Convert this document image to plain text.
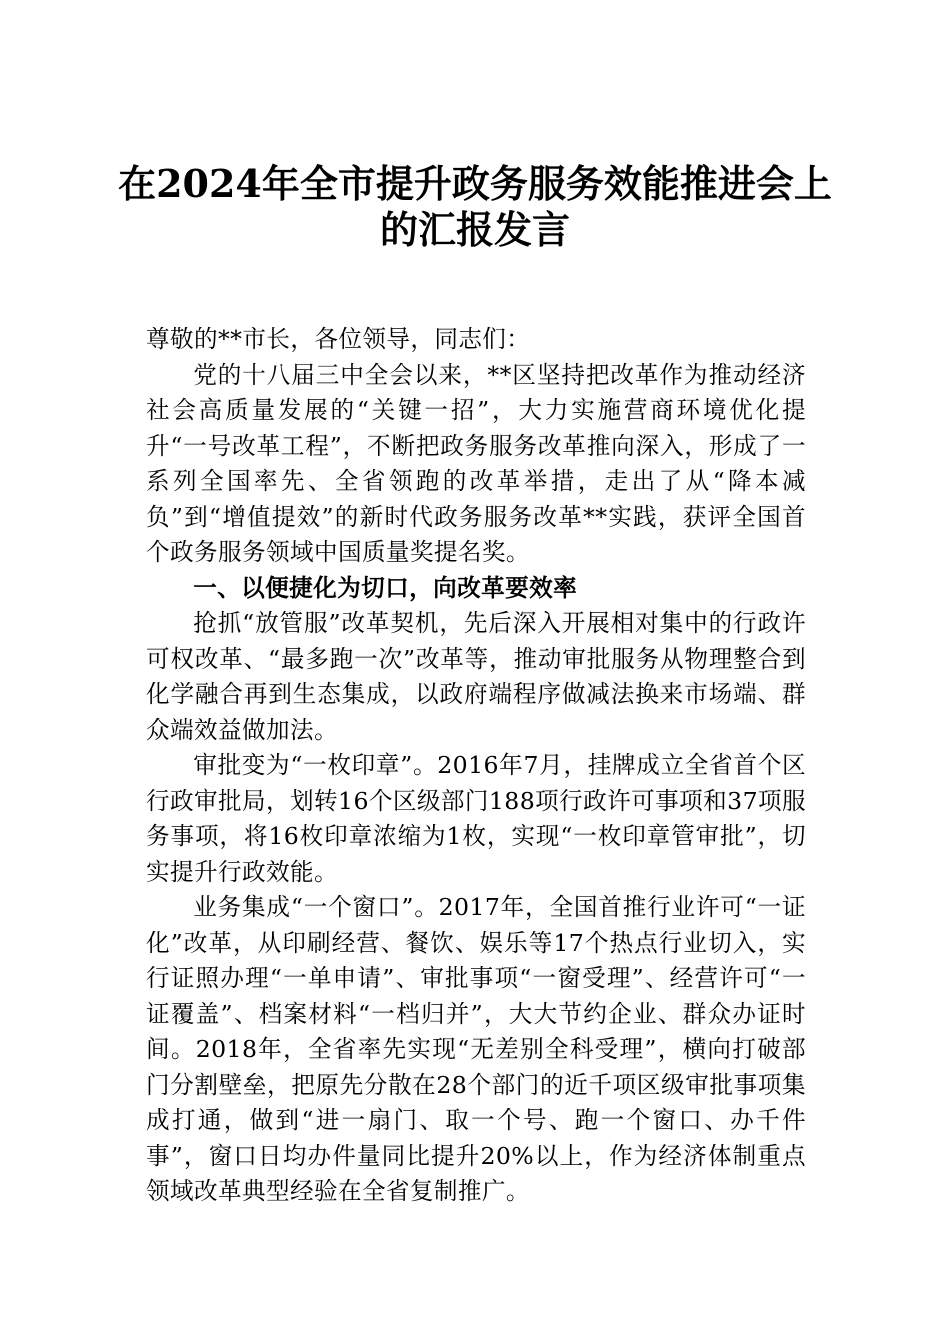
在2024年全市提升政务服务效能推进会上
的汇报发言

尊敬的**市长，各位领导，同志们：

党的十八届三中全会以来，**区坚持把改革作为推动经济社会高质量发展的“关键一招”，大力实施营商环境优化提升“一号改革工程”，不断把政务服务改革推向深入，形成了一系列全国率先、全省领跑的改革举措，走出了从“降本减负”到“增值提效”的新时代政务服务改革**实践，获评全国首个政务服务领域中国质量奖提名奖。

一、以便捷化为切口，向改革要效率

抢抓“放管服”改革契机，先后深入开展相对集中的行政许可权改革、“最多跑一次”改革等，推动审批服务从物理整合到化学融合再到生态集成，以政府端程序做减法换来市场端、群众端效益做加法。

审批变为“一枚印章”。2016年7月，挂牌成立全省首个区行政审批局，划转16个区级部门188项行政许可事项和37项服务事项，将16枚印章浓缩为1枚，实现“一枚印章管审批”，切实提升行政效能。

业务集成“一个窗口”。2017年，全国首推行业许可“一证化”改革，从印刷经营、餐饮、娱乐等17个热点行业切入，实行证照办理“一单申请”、审批事项“一窗受理”、经营许可“一证覆盖”、档案材料“一档归并”，大大节约企业、群众办证时间。2018年，全省率先实现“无差别全科受理”，横向打破部门分割壁垒，把原先分散在28个部门的近千项区级审批事项集成打通，做到“进一扇门、取一个号、跑一个窗口、办千件事”，窗口日均办件量同比提升20%以上，作为经济体制重点领域改革典型经验在全省复制推广。
